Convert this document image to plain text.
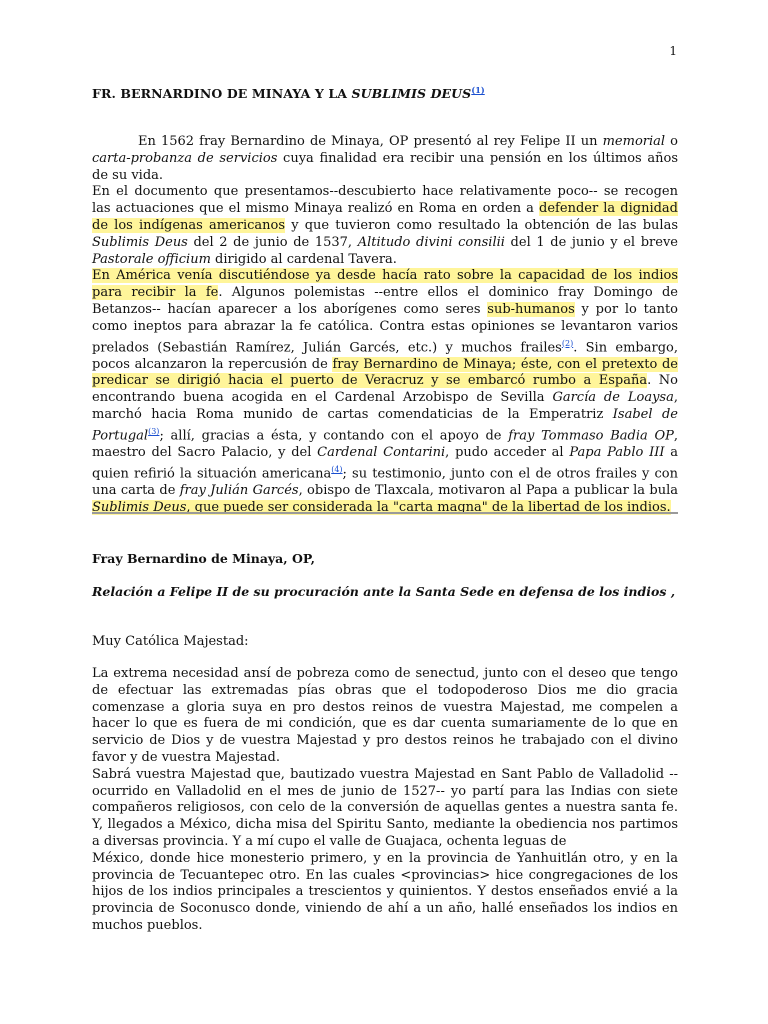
1
FR. BERNARDINO DE MINAYA Y LA SUBLIMIS DEUS$^{(1)}$

En 1562 fray Bernardino de Minaya, OP presentó al rey Felipe II un memorial o carta-probanza de servicios cuya finalidad era recibir una pensión en los últimos años de su vida.

En el documento que presentamos--descubierto hace relativamente poco-- se recogen las actuaciones que el mismo Minaya realizó en Roma en orden a defender la dignidad de los indígenas americanos y que tuvieron como resultado la obtención de las bulas Sublimis Deus del 2 de junio de 1537, Altitudo divini consilii del 1 de junio y el breve Pastorale officium dirigido al cardenal Tavera.

En América venía discutiéndose ya desde hacía rato sobre la capacidad de los indios para recibir la fe. Algunos polemistas --entre ellos el dominico fray Domingo de Betanzos-- hacían aparecer a los aborígenes como seres sub-humanos y por lo tanto como ineptos para abrazar la fe católica. Contra estas opiniones se levantaron varios prelados (Sebastián Ramírez, Julián Garcés, etc.) y muchos frailes$^{(2)}$. Sin embargo, pocos alcanzaron la repercusión de fray Bernardino de Minaya; éste, con el pretexto de predicar se dirigió hacia el puerto de Veracruz y se embarcó rumbo a España. No encontrando buena acogida en el Cardenal Arzobispo de Sevilla García de Loaysa, marchó hacia Roma munido de cartas comendaticias de la Emperatriz Isabel de Portugal$^{(3)}$; allí, gracias a ésta, y contando con el apoyo de fray Tommaso Badia OP, maestro del Sacro Palacio, y del Cardenal Contarini, pudo acceder al Papa Pablo III a quien refirió la situación americana$^{(4)}$; su testimonio, junto con el de otros frailes y con una carta de fray Julián Garcés, obispo de Tlaxcala, motivaron al Papa a publicar la bula Sublimis Deus, que puede ser considerada la "carta magna" de la libertad de los indios.

Fray Bernardino de Minaya, OP,
Relación a Felipe II de su procuración ante la Santa Sede en defensa de los indios ,
Muy Católica Majestad:

La extrema necesidad ansí de pobreza como de senectud, junto con el deseo que tengo de efectuar las extremadas pías obras que el todopoderoso Dios me dio gracia comenzase a gloria suya en pro destos reinos de vuestra Majestad, me compelen a hacer lo que es fuera de mi condición, que es dar cuenta sumariamente de lo que en servicio de Dios y de vuestra Majestad y pro destos reinos he trabajado con el divino favor y de vuestra Majestad.

Sabrá vuestra Majestad que, bautizado vuestra Majestad en Sant Pablo de Valladolid -- ocurrido en Valladolid en el mes de junio de 1527-- yo partí para las Indias con siete compañeros religiosos, con celo de la conversión de aquellas gentes a nuestra santa fe. Y, llegados a México, dicha misa del Spiritu Santo, mediante la obediencia nos partimos a diversas provincia. Y a mí cupo el valle de Guajaca, ochenta leguas de

México, donde hice monesterio primero, y en la provincia de Yanhuitlán otro, y en la provincia de Tecuantepec otro. En las cuales <provincias> hice congregaciones de los hijos de los indios principales a trescientos y quinientos. Y destos enseñados envié a la provincia de Soconusco donde, viniendo de ahí a un año, hallé enseñados los indios en muchos pueblos.
